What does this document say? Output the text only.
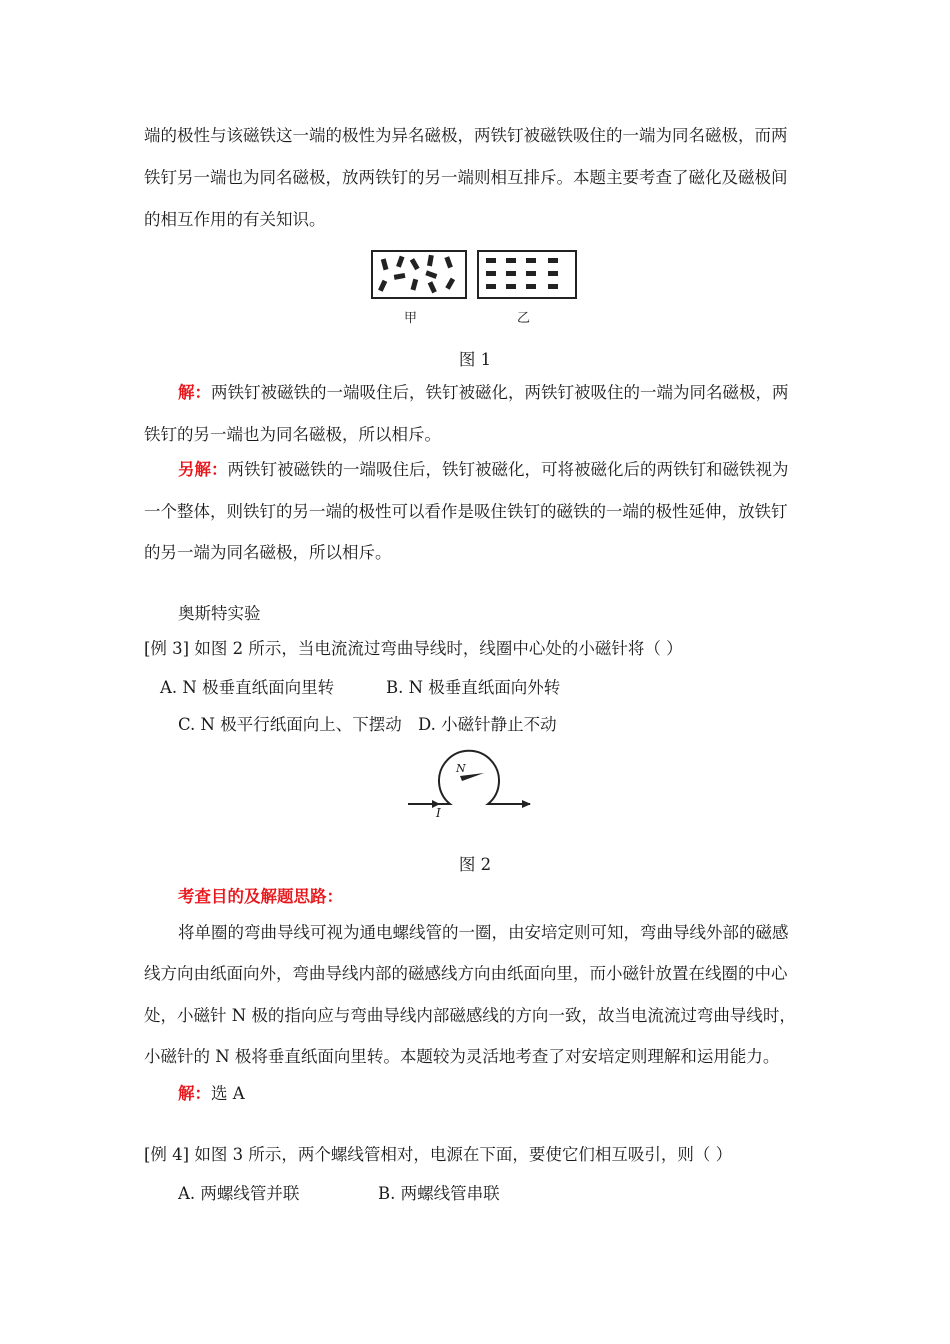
端的极性与该磁铁这一端的极性为异名磁极，两铁钉被磁铁吸住的一端为同名磁极，而两
铁钉另一端也为同名磁极，放两铁钉的另一端则相互排斥。本题主要考查了磁化及磁极间
的相互作用的有关知识。
甲	乙
图 1
解：两铁钉被磁铁的一端吸住后，铁钉被磁化，两铁钉被吸住的一端为同名磁极，两
铁钉的另一端也为同名磁极，所以相斥。
另解：两铁钉被磁铁的一端吸住后，铁钉被磁化，可将被磁化后的两铁钉和磁铁视为
一个整体，则铁钉的另一端的极性可以看作是吸住铁钉的磁铁的一端的极性延伸，放铁钉
的另一端为同名磁极，所以相斥。
奥斯特实验
[例 3] 如图 2 所示，当电流流过弯曲导线时，线圈中心处的小磁针将（ ）
A. N 极垂直纸面向里转	B. N 极垂直纸面向外转
C. N 极平行纸面向上、下摆动 D. 小磁针静止不动
N
I
图 2
考查目的及解题思路：
将单圈的弯曲导线可视为通电螺线管的一圈，由安培定则可知，弯曲导线外部的磁感
线方向由纸面向外，弯曲导线内部的磁感线方向由纸面向里，而小磁针放置在线圈的中心
处，小磁针 N 极的指向应与弯曲导线内部磁感线的方向一致，故当电流流过弯曲导线时，
小磁针的 N 极将垂直纸面向里转。本题较为灵活地考查了对安培定则理解和运用能力。
解：选 A
[例 4] 如图 3 所示，两个螺线管相对，电源在下面，要使它们相互吸引，则（ ）
A. 两螺线管并联	B. 两螺线管串联
